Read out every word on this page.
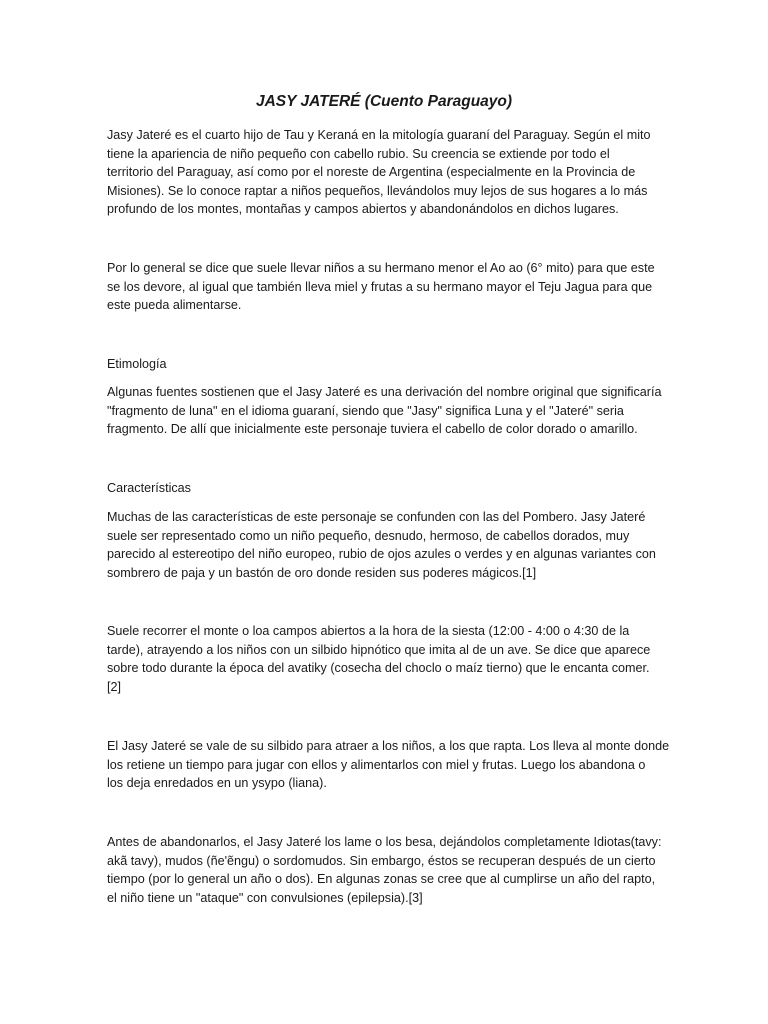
JASY JATERÉ (Cuento Paraguayo)

Jasy Jateré es el cuarto hijo de Tau y Keraná en la mitología guaraní del Paraguay. Según el mito
tiene la apariencia de niño pequeño con cabello rubio. Su creencia se extiende por todo el
territorio del Paraguay, así como por el noreste de Argentina (especialmente en la Provincia de
Misiones). Se lo conoce raptar a niños pequeños, llevándolos muy lejos de sus hogares a lo más
profundo de los montes, montañas y campos abiertos y abandonándolos en dichos lugares.

Por lo general se dice que suele llevar niños a su hermano menor el Ao ao (6° mito) para que este
se los devore, al igual que también lleva miel y frutas a su hermano mayor el Teju Jagua para que
este pueda alimentarse.

Etimología

Algunas fuentes sostienen que el Jasy Jateré es una derivación del nombre original que significaría
"fragmento de luna" en el idioma guaraní, siendo que "Jasy" significa Luna y el "Jateré" seria
fragmento. De allí que inicialmente este personaje tuviera el cabello de color dorado o amarillo.

Características

Muchas de las características de este personaje se confunden con las del Pombero. Jasy Jateré
suele ser representado como un niño pequeño, desnudo, hermoso, de cabellos dorados, muy
parecido al estereotipo del niño europeo, rubio de ojos azules o verdes y en algunas variantes con
sombrero de paja y un bastón de oro donde residen sus poderes mágicos.[1]

Suele recorrer el monte o loa campos abiertos a la hora de la siesta (12:00 - 4:00 o 4:30 de la
tarde), atrayendo a los niños con un silbido hipnótico que imita al de un ave. Se dice que aparece
sobre todo durante la época del avatiky (cosecha del choclo o maíz tierno) que le encanta comer.
[2]

El Jasy Jateré se vale de su silbido para atraer a los niños, a los que rapta. Los lleva al monte donde
los retiene un tiempo para jugar con ellos y alimentarlos con miel y frutas. Luego los abandona o
los deja enredados en un ysypo (liana).

Antes de abandonarlos, el Jasy Jateré los lame o los besa, dejándolos completamente Idiotas(tavy:
akã tavy), mudos (ñe'ẽngu) o sordomudos. Sin embargo, éstos se recuperan después de un cierto
tiempo (por lo general un año o dos). En algunas zonas se cree que al cumplirse un año del rapto,
el niño tiene un "ataque" con convulsiones (epilepsia).[3]
